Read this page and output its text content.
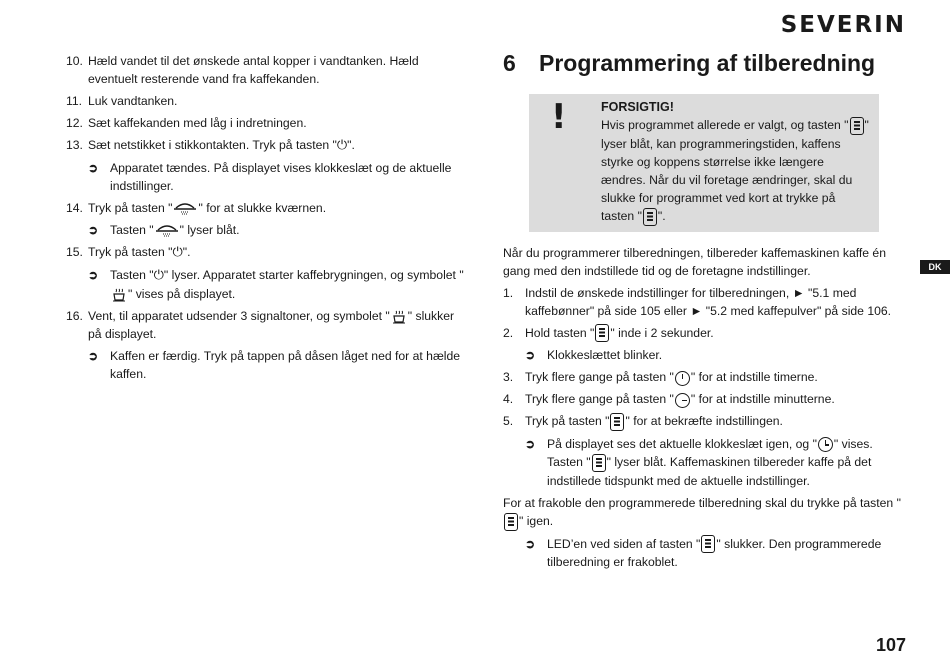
SEVERIN
10. Hæld vandet til det ønskede antal kopper i vandtanken. Hæld eventuelt resterende vand fra kaffekanden.
11. Luk vandtanken.
12. Sæt kaffekanden med låg i indretningen.
13. Sæt netstikket i stikkontakten. Tryk på tasten "⏻".
➲ Apparatet tændes. På displayet vises klokkeslæt og de aktuelle indstillinger.
14. Tryk på tasten " " for at slukke kværnen.
➲ Tasten " " lyser blåt.
15. Tryk på tasten "⏻".
➲ Tasten "⏻" lyser. Apparatet starter kaffebrygningen, og symbolet "" vises på displayet.
16. Vent, til apparatet udsender 3 signaltoner, og symbolet " " slukker på displayet.
➲ Kaffen er færdig. Tryk på tappen på dåsen låget ned for at hælde kaffen.
6 Programmering af tilberedning
!	FORSIGTIG!
Hvis programmet allerede er valgt, og tasten " " lyser blåt, kan programmeringstiden, kaffens styrke og koppens størrelse ikke længere ændres. Når du vil foretage ændringer, skal du slukke for programmet ved kort at trykke på tasten " ".
Når du programmerer tilberedningen, tilbereder kaffemaskinen kaffe én gang med den indstillede tid og de foretagne indstillinger.
1. Indstil de ønskede indstillinger for tilberedningen, ► "5.1 med kaffebønner" på side 105 eller ► "5.2 med kaffepulver" på side 106.
2. Hold tasten " " inde i 2 sekunder.
➲ Klokkeslættet blinker.
3. Tryk flere gange på tasten " " for at indstille timerne.
4. Tryk flere gange på tasten " " for at indstille minutterne.
5. Tryk på tasten " " for at bekræfte indstillingen.
➲ På displayet ses det aktuelle klokkeslæt igen, og " " vises. Tasten " " lyser blåt. Kaffemaskinen tilbereder kaffe på det indstillede tidspunkt med de aktuelle indstillinger.
For at frakoble den programmerede tilberedning skal du trykke på tasten "" igen.
➲ LED’en ved siden af tasten " " slukker. Den programmerede tilberedning er frakoblet.
DK
107
